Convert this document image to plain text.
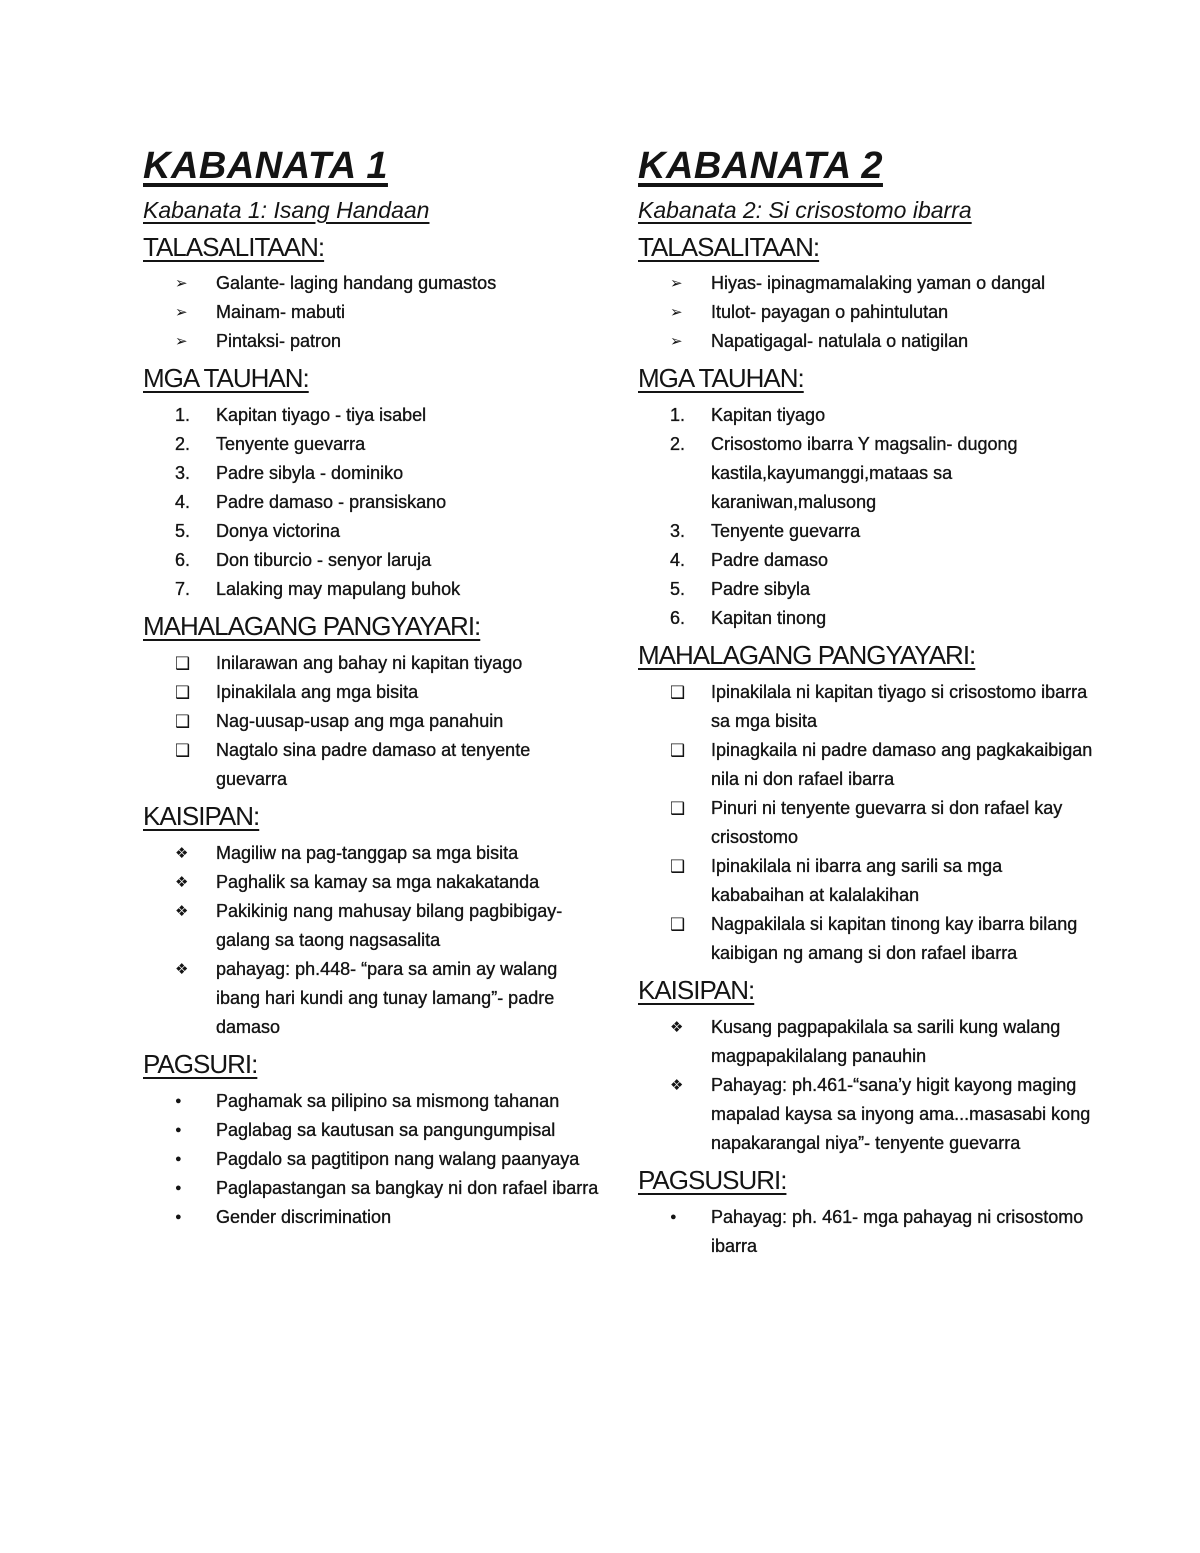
KABANATA 1
Kabanata 1: Isang Handaan
TALASALITAAN:
➢	Galante- laging handang gumastos
➢	Mainam- mabuti
➢	Pintaksi- patron
MGA TAUHAN:
1.	Kapitan tiyago - tiya isabel
2.	Tenyente guevarra
3.	Padre sibyla - dominiko
4.	Padre damaso - pransiskano
5.	Donya victorina
6.	Don tiburcio - senyor laruja
7.	Lalaking may mapulang buhok
MAHALAGANG PANGYAYARI:
❑	Inilarawan ang bahay ni kapitan tiyago
❑	Ipinakilala ang mga bisita
❑	Nag-uusap-usap ang mga panahuin
❑	Nagtalo sina padre damaso at tenyente guevarra
KAISIPAN:
❖	Magiliw na pag-tanggap sa mga bisita
❖	Paghalik sa kamay sa mga nakakatanda
❖	Pakikinig nang mahusay bilang pagbibigay-galang sa taong nagsasalita
❖	pahayag: ph.448- “para sa amin ay walang ibang hari kundi ang tunay lamang”- padre damaso
PAGSURI:
●	Paghamak sa pilipino sa mismong tahanan
●	Paglabag sa kautusan sa pangungumpisal
●	Pagdalo sa pagtitipon nang walang paanyaya
●	Paglapastangan sa bangkay ni don rafael ibarra
●	Gender discrimination
KABANATA 2
Kabanata 2: Si crisostomo ibarra
TALASALITAAN:
➢	Hiyas- ipinagmamalaking yaman o dangal
➢	Itulot- payagan o pahintulutan
➢	Napatigagal- natulala o natigilan
MGA TAUHAN:
1.	Kapitan tiyago
2.	Crisostomo ibarra Y magsalin- dugong kastila,kayumanggi,mataas sa karaniwan,malusong
3.	Tenyente guevarra
4.	Padre damaso
5.	Padre sibyla
6.	Kapitan tinong
MAHALAGANG PANGYAYARI:
❑	Ipinakilala ni kapitan tiyago si crisostomo ibarra sa mga bisita
❑	Ipinagkaila ni padre damaso ang pagkakaibigan nila ni don rafael ibarra
❑	Pinuri ni tenyente guevarra si don rafael kay crisostomo
❑	Ipinakilala ni ibarra ang sarili sa mga kababaihan at kalalakihan
❑	Nagpakilala si kapitan tinong kay ibarra bilang kaibigan ng amang si don rafael ibarra
KAISIPAN:
❖	Kusang pagpapakilala sa sarili kung walang magpapakilalang panauhin
❖	Pahayag: ph.461-“sana’y higit kayong maging mapalad kaysa sa inyong ama...masasabi kong napakarangal niya”- tenyente guevarra
PAGSUSURI:
●	Pahayag: ph. 461- mga pahayag ni crisostomo ibarra
